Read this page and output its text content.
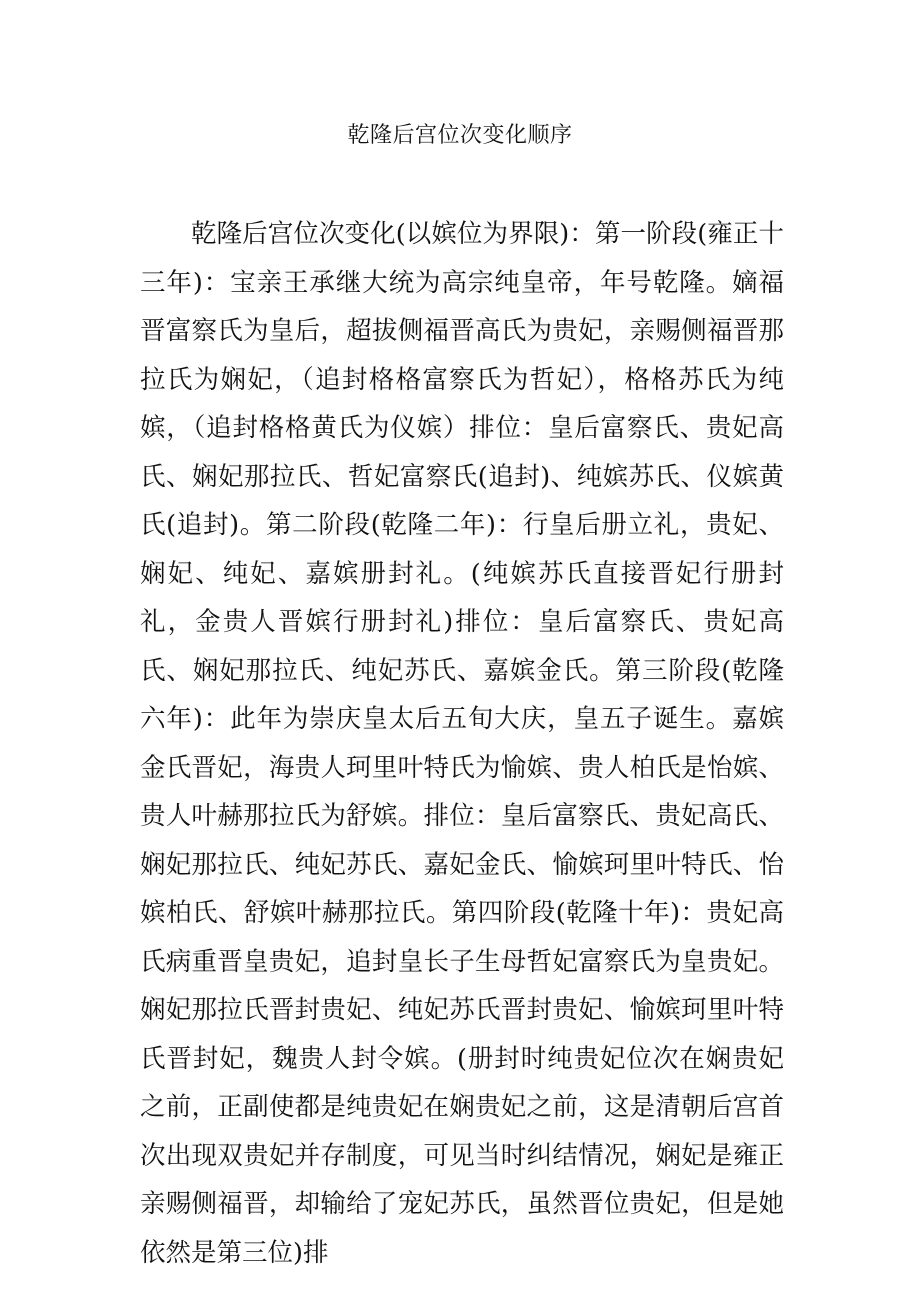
乾隆后宫位次变化顺序

乾隆后宫位次变化(以嫔位为界限)：第一阶段(雍正十三年)：宝亲王承继大统为高宗纯皇帝，年号乾隆。嫡福晋富察氏为皇后，超拔侧福晋高氏为贵妃，亲赐侧福晋那拉氏为娴妃，（追封格格富察氏为哲妃），格格苏氏为纯嫔，（追封格格黄氏为仪嫔）排位：皇后富察氏、贵妃高氏、娴妃那拉氏、哲妃富察氏(追封)、纯嫔苏氏、仪嫔黄氏(追封)。第二阶段(乾隆二年)：行皇后册立礼，贵妃、娴妃、纯妃、嘉嫔册封礼。(纯嫔苏氏直接晋妃行册封礼，金贵人晋嫔行册封礼)排位：皇后富察氏、贵妃高氏、娴妃那拉氏、纯妃苏氏、嘉嫔金氏。第三阶段(乾隆六年)：此年为崇庆皇太后五旬大庆，皇五子诞生。嘉嫔金氏晋妃，海贵人珂里叶特氏为愉嫔、贵人柏氏是怡嫔、贵人叶赫那拉氏为舒嫔。排位：皇后富察氏、贵妃高氏、娴妃那拉氏、纯妃苏氏、嘉妃金氏、愉嫔珂里叶特氏、怡嫔柏氏、舒嫔叶赫那拉氏。第四阶段(乾隆十年)：贵妃高氏病重晋皇贵妃，追封皇长子生母哲妃富察氏为皇贵妃。娴妃那拉氏晋封贵妃、纯妃苏氏晋封贵妃、愉嫔珂里叶特氏晋封妃，魏贵人封令嫔。(册封时纯贵妃位次在娴贵妃之前，正副使都是纯贵妃在娴贵妃之前，这是清朝后宫首次出现双贵妃并存制度，可见当时纠结情况，娴妃是雍正亲赐侧福晋，却输给了宠妃苏氏，虽然晋位贵妃，但是她依然是第三位)排
